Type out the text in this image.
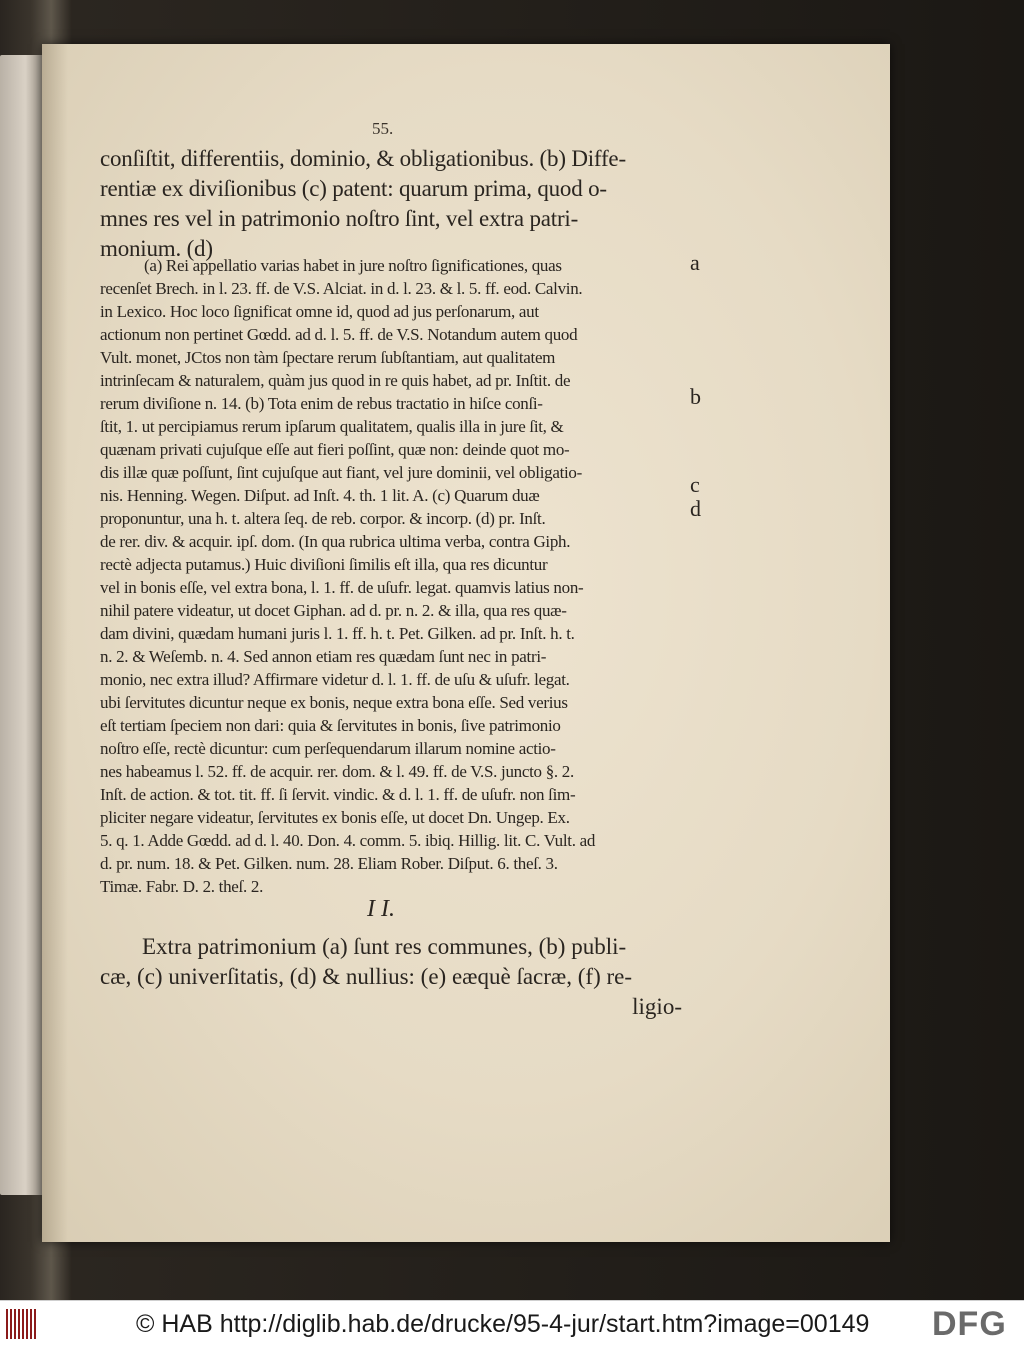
55.
conſiſtit, differentiis, dominio, & obligationibus. (b) Diffe-
rentiæ ex diviſionibus (c) patent: quarum prima, quod o-
mnes res vel in patrimonio noſtro ſint, vel extra patri-
monium. (d)
(a) Rei appellatio varias habet in jure noſtro ſignificationes, quas
recenſet Brech. in l. 23. ff. de V.S. Alciat. in d. l. 23. & l. 5. ff. eod. Calvin.
in Lexico. Hoc loco ſignificat omne id, quod ad jus perſonarum, aut
actionum non pertinet Gœdd. ad d. l. 5. ff. de V.S. Notandum autem quod
Vult. monet, JCtos non tàm ſpectare rerum ſubſtantiam, aut qualitatem
intrinſecam & naturalem, quàm jus quod in re quis habet, ad pr. Inſtit. de
rerum diviſione n. 14. (b) Tota enim de rebus tractatio in hiſce conſi-
ſtit, 1. ut percipiamus rerum ipſarum qualitatem, qualis illa in jure ſit, &
quænam privati cujuſque eſſe aut fieri poſſint, quæ non: deinde quot mo-
dis illæ quæ poſſunt, ſint cujuſque aut fiant, vel jure dominii, vel obligatio-
nis. Henning. Wegen. Diſput. ad Inſt. 4. th. 1 lit. A. (c) Quarum duæ
proponuntur, una h. t. altera ſeq. de reb. corpor. & incorp. (d) pr. Inſt.
de rer. div. & acquir. ipſ. dom. (In qua rubrica ultima verba, contra Giph.
rectè adjecta putamus.) Huic diviſioni ſimilis eſt illa, qua res dicuntur
vel in bonis eſſe, vel extra bona, l. 1. ff. de uſufr. legat. quamvis latius non-
nihil patere videatur, ut docet Giphan. ad d. pr. n. 2. & illa, qua res quæ-
dam divini, quædam humani juris l. 1. ff. h. t. Pet. Gilken. ad pr. Inſt. h. t.
n. 2. & Weſemb. n. 4. Sed annon etiam res quædam ſunt nec in patri-
monio, nec extra illud? Affirmare videtur d. l. 1. ff. de uſu & uſufr. legat.
ubi ſervitutes dicuntur neque ex bonis, neque extra bona eſſe. Sed verius
eſt tertiam ſpeciem non dari: quia & ſervitutes in bonis, ſive patrimonio
noſtro eſſe, rectè dicuntur: cum perſequendarum illarum nomine actio-
nes habeamus l. 52. ff. de acquir. rer. dom. & l. 49. ff. de V.S. juncto §. 2.
Inſt. de action. & tot. tit. ff. ſi ſervit. vindic. & d. l. 1. ff. de uſufr. non ſim-
pliciter negare videatur, ſervitutes ex bonis eſſe, ut docet Dn. Ungep. Ex.
5. q. 1. Adde Gœdd. ad d. l. 40. Don. 4. comm. 5. ibiq. Hillig. lit. C. Vult. ad
d. pr. num. 18. & Pet. Gilken. num. 28. Eliam Rober. Diſput. 6. theſ. 3.
Timæ. Fabr. D. 2. theſ. 2.
a
b
c
d
I I.
Extra patrimonium (a) ſunt res communes, (b) publi-
cæ, (c) univerſitatis, (d) & nullius: (e) eæquè ſacræ, (f) re-
ligio-
© HAB http://diglib.hab.de/drucke/95-4-jur/start.htm?image=00149 DFG
